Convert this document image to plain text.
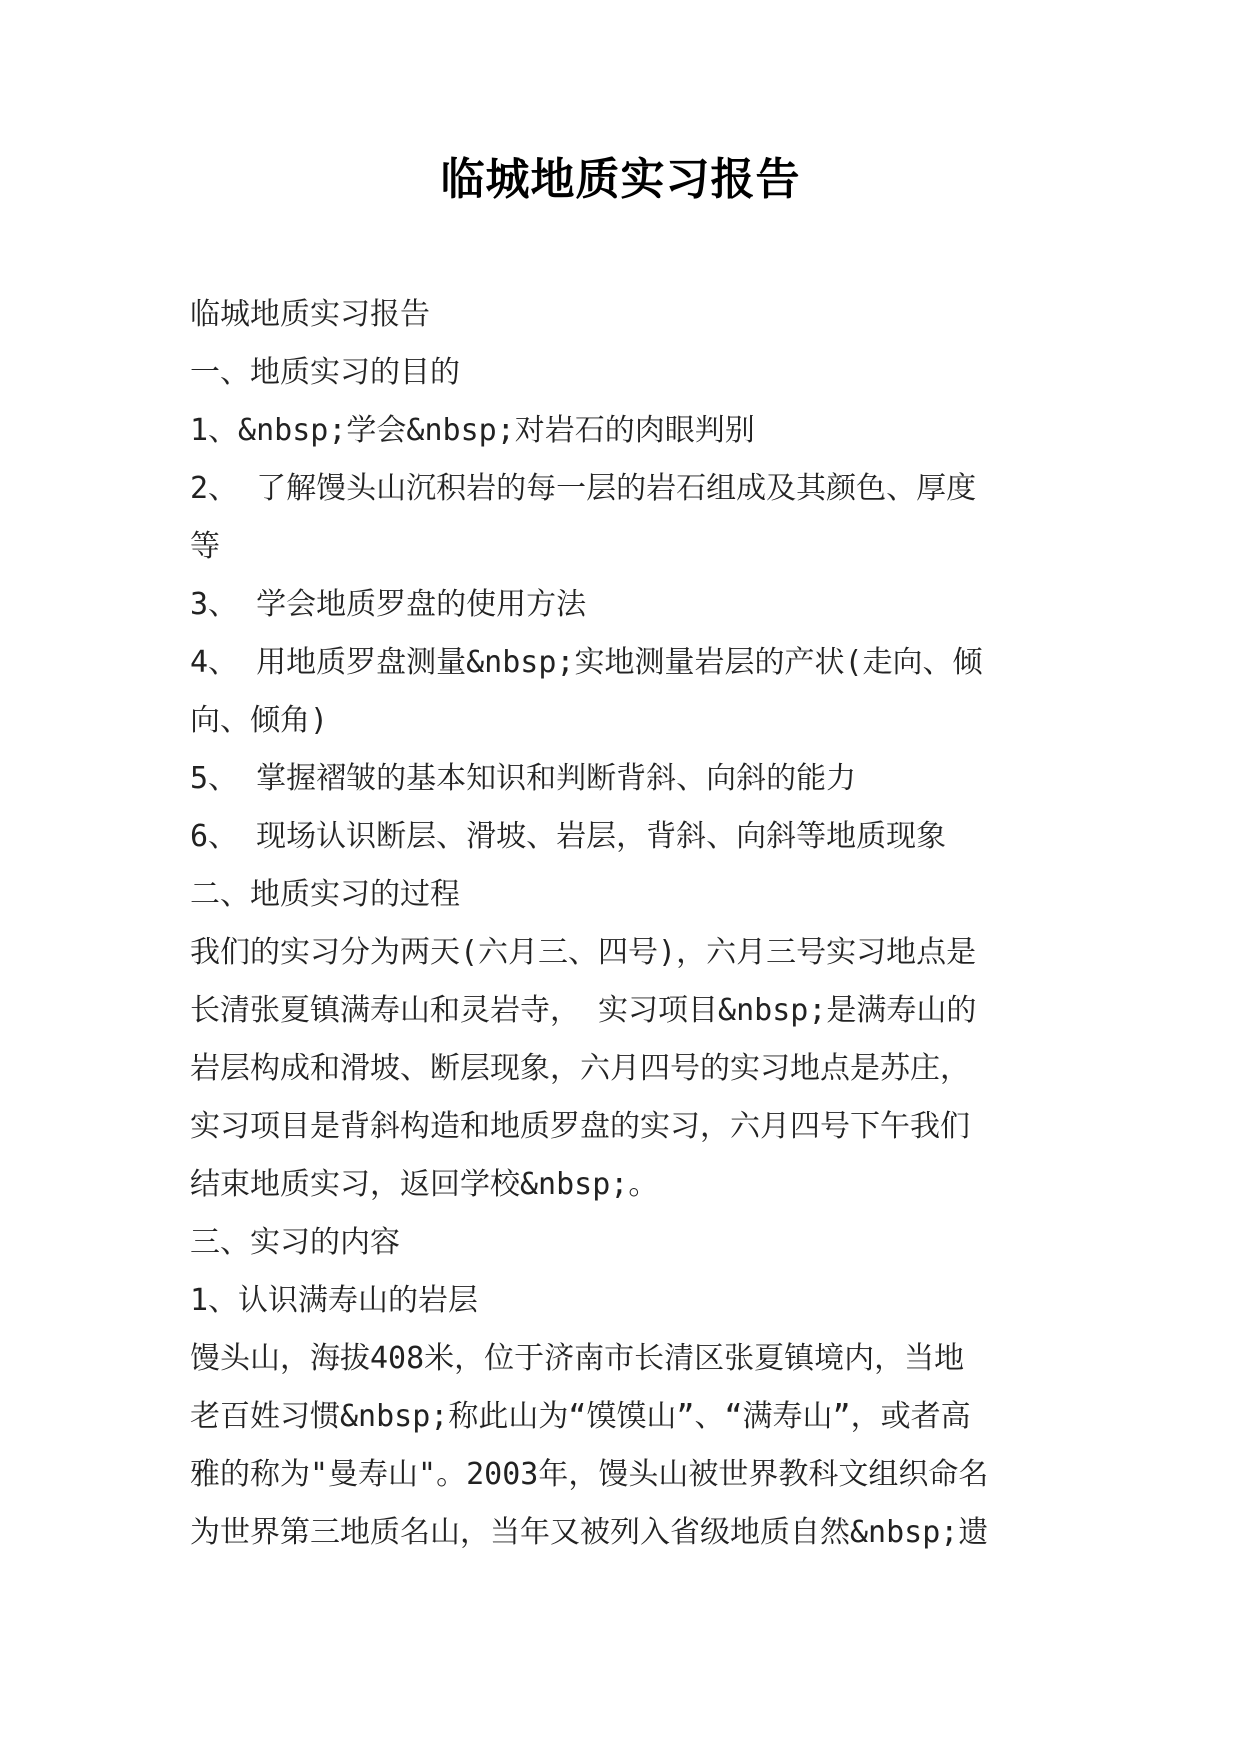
临城地质实习报告
临城地质实习报告
一、地质实习的目的
1、&nbsp;学会&nbsp;对岩石的肉眼判别
2、 了解馒头山沉积岩的每一层的岩石组成及其颜色、厚度
等
3、 学会地质罗盘的使用方法
4、 用地质罗盘测量&nbsp;实地测量岩层的产状(走向、倾
向、倾角)
5、 掌握褶皱的基本知识和判断背斜、向斜的能力
6、 现场认识断层、滑坡、岩层，背斜、向斜等地质现象
二、地质实习的过程
我们的实习分为两天(六月三、四号)，六月三号实习地点是
长清张夏镇满寿山和灵岩寺， 实习项目&nbsp;是满寿山的
岩层构成和滑坡、断层现象，六月四号的实习地点是苏庄，
实习项目是背斜构造和地质罗盘的实习，六月四号下午我们
结束地质实习，返回学校&nbsp;。
三、实习的内容
1、认识满寿山的岩层
馒头山，海拔408米，位于济南市长清区张夏镇境内，当地
老百姓习惯&nbsp;称此山为“馍馍山”、“满寿山”，或者高
雅的称为"曼寿山"。2003年，馒头山被世界教科文组织命名
为世界第三地质名山，当年又被列入省级地质自然&nbsp;遗
